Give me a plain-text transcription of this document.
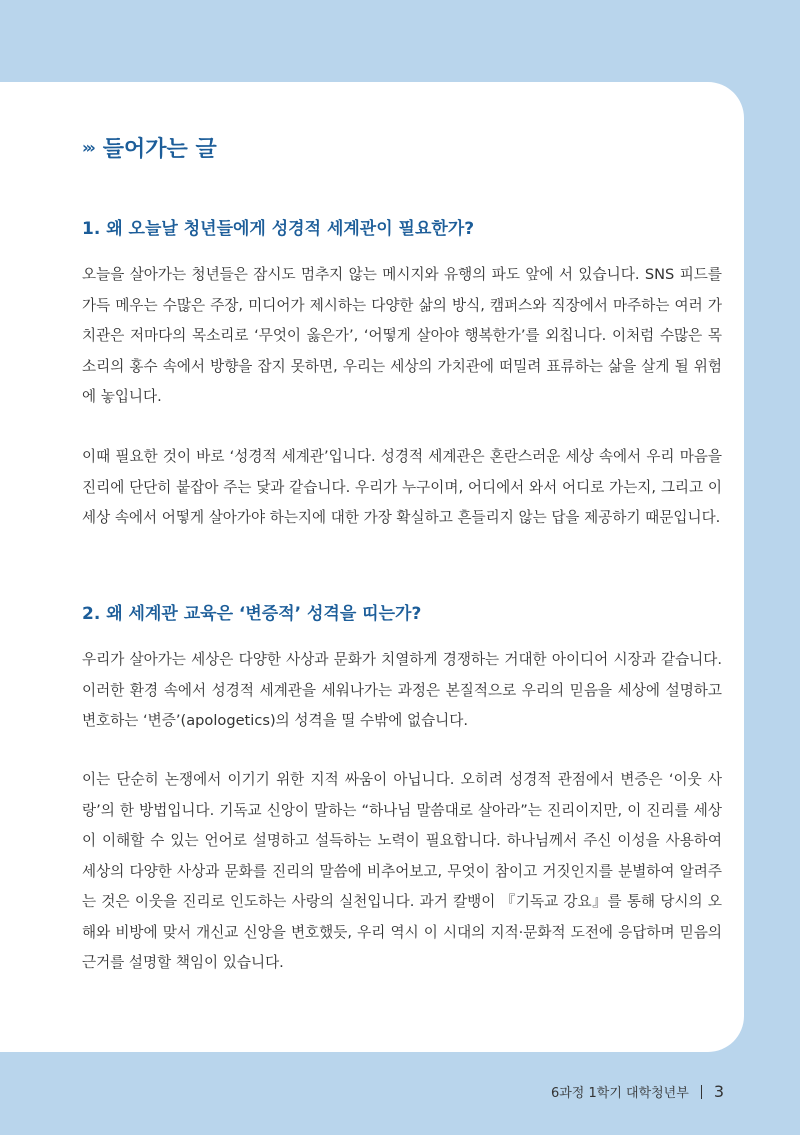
››› 들어가는 글
1. 왜 오늘날 청년들에게 성경적 세계관이 필요한가?
오늘을 살아가는 청년들은 잠시도 멈추지 않는 메시지와 유행의 파도 앞에 서 있습니다. SNS 피드를 가득 메우는 수많은 주장, 미디어가 제시하는 다양한 삶의 방식, 캠퍼스와 직장에서 마주하는 여러 가치관은 저마다의 목소리로 ‘무엇이 옳은가’, ‘어떻게 살아야 행복한가’를 외칩니다. 이처럼 수많은 목소리의 홍수 속에서 방향을 잡지 못하면, 우리는 세상의 가치관에 떠밀려 표류하는 삶을 살게 될 위험에 놓입니다.
이때 필요한 것이 바로 ‘성경적 세계관’입니다. 성경적 세계관은 혼란스러운 세상 속에서 우리 마음을 진리에 단단히 붙잡아 주는 닻과 같습니다. 우리가 누구이며, 어디에서 와서 어디로 가는지, 그리고 이 세상 속에서 어떻게 살아가야 하는지에 대한 가장 확실하고 흔들리지 않는 답을 제공하기 때문입니다.
2. 왜 세계관 교육은 ‘변증적’ 성격을 띠는가?
우리가 살아가는 세상은 다양한 사상과 문화가 치열하게 경쟁하는 거대한 아이디어 시장과 같습니다. 이러한 환경 속에서 성경적 세계관을 세워나가는 과정은 본질적으로 우리의 믿음을 세상에 설명하고 변호하는 ‘변증’(apologetics)의 성격을 띨 수밖에 없습니다.
이는 단순히 논쟁에서 이기기 위한 지적 싸움이 아닙니다. 오히려 성경적 관점에서 변증은 ‘이웃 사랑’의 한 방법입니다. 기독교 신앙이 말하는 “하나님 말씀대로 살아라”는 진리이지만, 이 진리를 세상이 이해할 수 있는 언어로 설명하고 설득하는 노력이 필요합니다. 하나님께서 주신 이성을 사용하여 세상의 다양한 사상과 문화를 진리의 말씀에 비추어보고, 무엇이 참이고 거짓인지를 분별하여 알려주는 것은 이웃을 진리로 인도하는 사랑의 실천입니다. 과거 칼뱅이 『기독교 강요』를 통해 당시의 오해와 비방에 맞서 개신교 신앙을 변호했듯, 우리 역시 이 시대의 지적·문화적 도전에 응답하며 믿음의 근거를 설명할 책임이 있습니다.
6과정 1학기 대학청년부 3
